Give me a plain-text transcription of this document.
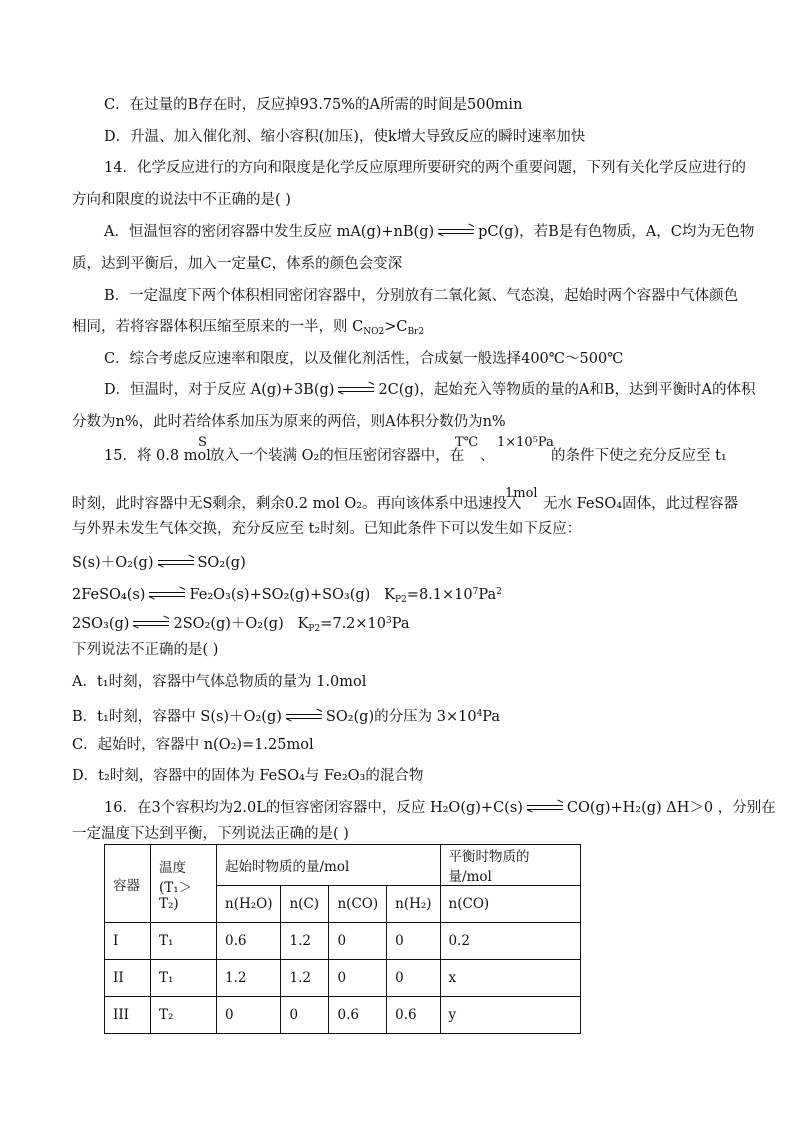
C．在过量的B存在时，反应掉93.75%的A所需的时间是500min
D．升温、加入催化剂、缩小容积(加压)，使k增大导致反应的瞬时速率加快
14．化学反应进行的方向和限度是化学反应原理所要研究的两个重要问题，下列有关化学反应进行的
方向和限度的说法中不正确的是( )
A．恒温恒容的密闭容器中发生反应 mA(g)+nB(g)	pC(g)，若B是有色物质，A，C均为无色物
质，达到平衡后，加入一定量C，体系的颜色会变深
B．一定温度下两个体积相同密闭容器中，分别放有二氧化氮、气态溴，起始时两个容器中气体颜色
相同，若将容器体积压缩至原来的一半，则 $C_{NO2}>C_{Br2}$
C．综合考虑反应速率和限度，以及催化剂活性，合成氨一般选择400℃～500℃
D．恒温时，对于反应 A(g)+3B(g)	2C(g)，起始充入等物质的量的A和B，达到平衡时A的体积
分数为n%，此时若给体系加压为原来的两倍，则A体积分数仍为n%
S	T℃ 1×10⁵Pa
15．将 0.8 mol 放入一个装满 O₂的恒压密闭容器中，在 、	的条件下使之充分反应至 t₁
时刻，此时容器中无S剩余，剩余0.2 mol O₂。再向该体系中迅速投入
1mol
无水 FeSO₄固体，此过程容器
与外界未发生气体交换，充分反应至 t₂时刻。已知此条件下可以发生如下反应：
S(s)＋O₂(g)	SO₂(g)
2FeSO₄(s)	Fe₂O₃(s)+SO₂(g)+SO₃(g) $K_{P2}=8.1\times 10^7Pa^2$
2SO₃(g)	2SO₂(g)＋O₂(g) $K_{P2}=7.2\times 10^3Pa$
下列说法不正确的是( )
A．t₁时刻，容器中气体总物质的量为 1.0mol
B．t₁时刻，容器中 S(s)＋O₂(g)	SO₂(g)的分压为 $3\times 10^4Pa$
C．起始时，容器中 n(O₂)=1.25mol
D．t₂时刻，容器中的固体为 FeSO₄与 Fe₂O₃的混合物
16．在3个容积均为2.0L的恒容密闭容器中，反应 H₂O(g)+C(s)	CO(g)+H₂(g) ΔH＞0 ，分别在
一定温度下达到平衡，下列说法正确的是( )
容器	温度
(T₁＞T₂)	起始时物质的量/mol				平衡时物质的量/mol
		n(H₂O)	n(C)	n(CO)	n(H₂)	n(CO)
I	T₁	0.6	1.2	0	0	0.2
II	T₁	1.2	1.2	0	0	x
III	T₂	0	0	0.6	0.6	y
